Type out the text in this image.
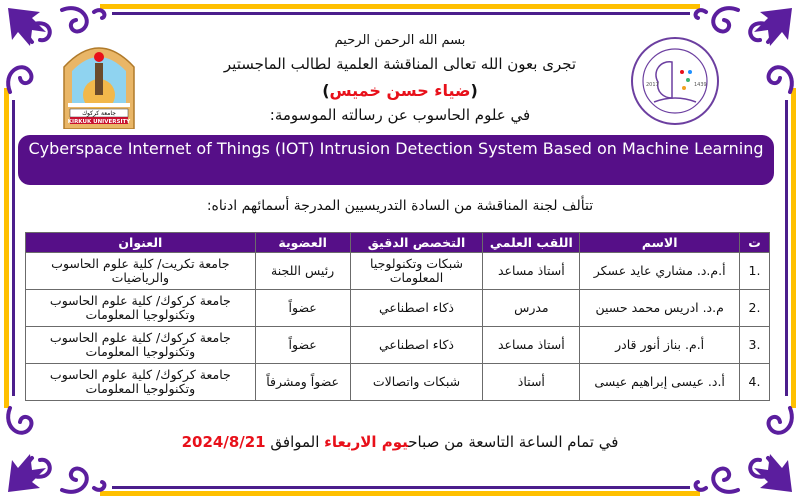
جامعة كركوك
KIRKUK UNIVERSITY
2017	1439
بسم الله الرحمن الرحيم
تجرى بعون الله تعالى المناقشة العلمية لطالب الماجستير
(ضياء حسن خميس)
في علوم الحاسوب عن رسالته الموسومة:
Cyberspace Internet of Things (IOT) Intrusion Detection System Based on Machine Learning
تتألف لجنة المناقشة من السادة التدريسيين المدرجة أسمائهم ادناه:
ت	الاسم	اللقب العلمي	التخصص الدقيق	العضوية	العنوان
.1	أ.م.د. مشاري عايد عسكر	أستاذ مساعد	شبكات وتكنولوجيا المعلومات	رئيس اللجنة	جامعة تكريت/ كلية علوم الحاسوب والرياضيات
.2	م.د. ادريس محمد حسين	مدرس	ذكاء اصطناعي	عضواً	جامعة كركوك/ كلية علوم الحاسوب وتكنولوجيا المعلومات
.3	أ.م. بناز أنور قادر	أستاذ مساعد	ذكاء اصطناعي	عضواً	جامعة كركوك/ كلية علوم الحاسوب وتكنولوجيا المعلومات
.4	أ.د. عيسى إبراهيم عيسى	أستاذ	شبكات واتصالات	عضواً ومشرفاً	جامعة كركوك/ كلية علوم الحاسوب وتكنولوجيا المعلومات
في تمام الساعة التاسعة من صباحيوم الاربعاء الموافق 2024/8/21
